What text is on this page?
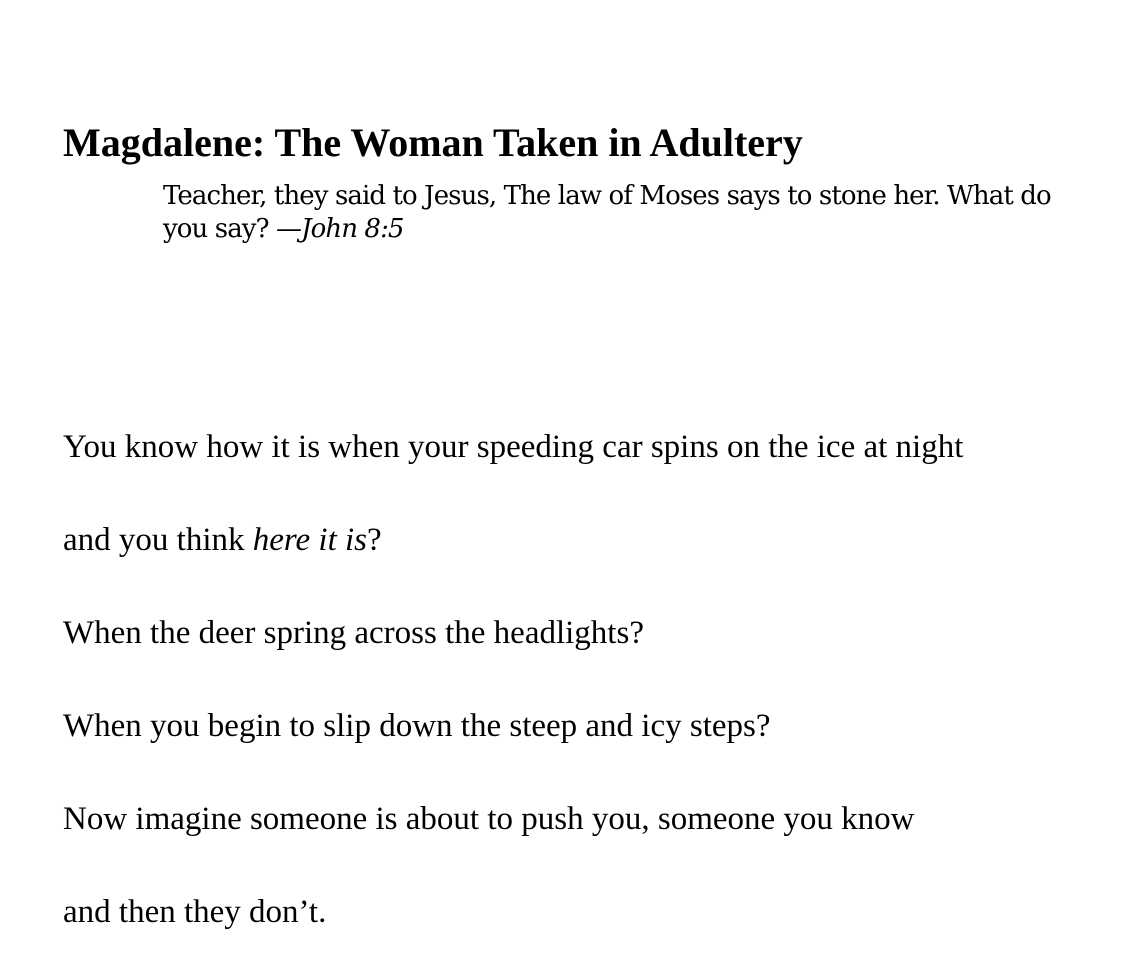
Magdalene: The Woman Taken in Adultery

Teacher, they said to Jesus, The law of Moses says to stone her. What do you say? —John 8:5

You know how it is when your speeding car spins on the ice at night

and you think here it is?

When the deer spring across the headlights?

When you begin to slip down the steep and icy steps?

Now imagine someone is about to push you, someone you know

and then they don’t.
